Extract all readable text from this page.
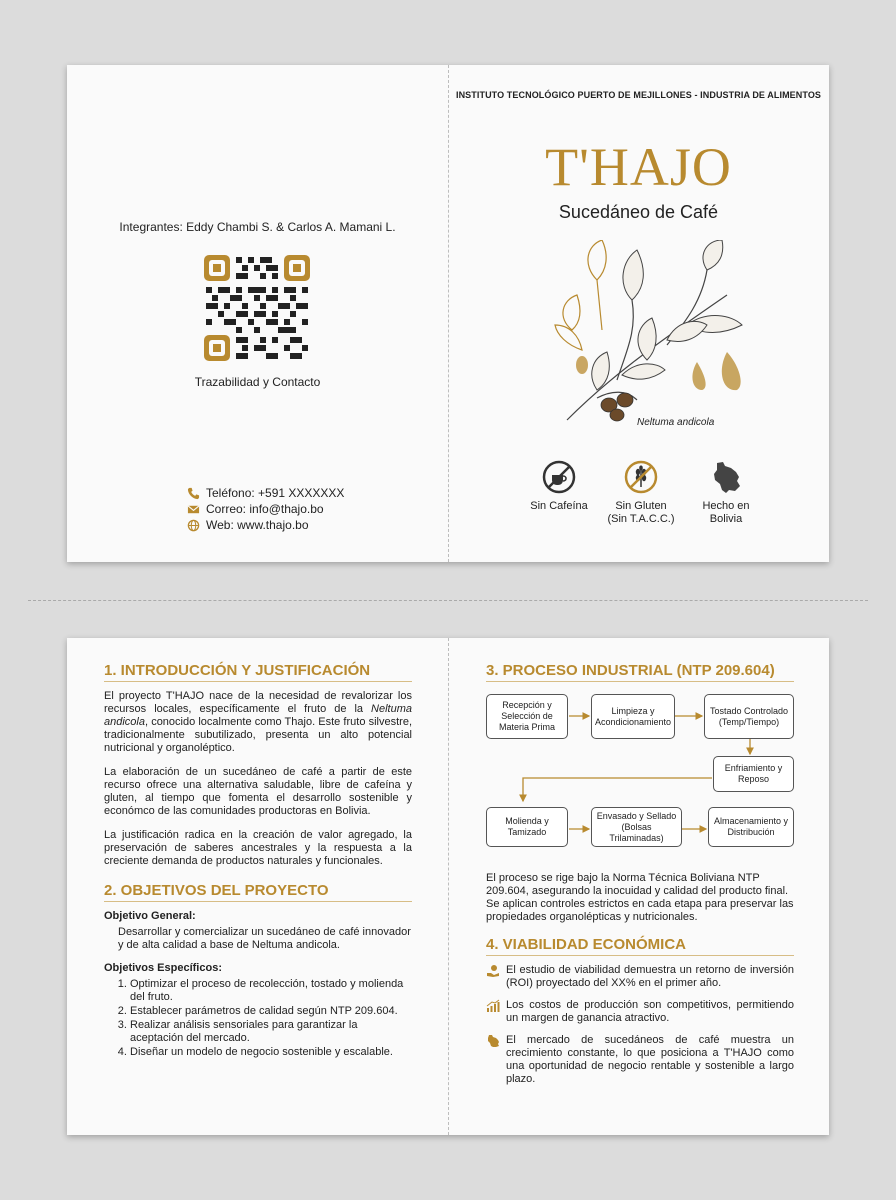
Integrantes: Eddy Chambi S. & Carlos A. Mamani L.
Trazabilidad y Contacto
Teléfono: +591 XXXXXXX
Correo: info@thajo.bo
Web: www.thajo.bo
INSTITUTO TECNOLÓGICO PUERTO DE MEJILLONES - INDUSTRIA DE ALIMENTOS
T'HAJO
Sucedáneo de Café
Neltuma andicola
Sin Cafeína	Sin Gluten
(Sin T.A.C.C.)
Hecho en
Bolivia
1. INTRODUCCIÓN Y JUSTIFICACIÓN

El proyecto T'HAJO nace de la necesidad de revalorizar los recursos locales, específicamente el fruto de la Neltuma andicola, conocido localmente como Thajo. Este fruto silvestre, tradicionalmente subutilizado, presenta un alto potencial nutricional y organoléptico.

La elaboración de un sucedáneo de café a partir de este recurso ofrece una alternativa saludable, libre de cafeína y gluten, al tiempo que fomenta el desarrollo sostenible y económco de las comunidades productoras en Bolivia.

La justificación radica en la creación de valor agregado, la preservación de saberes ancestrales y la respuesta a la creciente demanda de productos naturales y funcionales.

2. OBJETIVOS DEL PROYECTO
Objetivo General:
Desarrollar y comercializar un sucedáneo de café innovador y de alta calidad a base de Neltuma andicola.
Objetivos Específicos:
1. Optimizar el proceso de recolección, tostado y molienda del fruto.
2. Establecer parámetros de calidad según NTP 209.604.
3. Realizar análisis sensoriales para garantizar la aceptación del mercado.
4. Diseñar un modelo de negocio sostenible y escalable.
3. PROCESO INDUSTRIAL (NTP 209.604)
Recepción y Selección de Materia Prima
Limpieza y Acondicionamiento
Tostado Controlado (Temp/Tiempo)
Enfriamiento y Reposo
Molienda y Tamizado
Envasado y Sellado (Bolsas Trilaminadas)
Almacenamiento y Distribución

El proceso se rige bajo la Norma Técnica Boliviana NTP 209.604, asegurando la inocuidad y calidad del producto final. Se aplican controles estrictos en cada etapa para preservar las propiedades organolépticas y nutricionales.

4. VIABILIDAD ECONÓMICA
El estudio de viabilidad demuestra un retorno de inversión (ROI) proyectado del XX% en el primer año.
Los costos de producción son competitivos, permitiendo un margen de ganancia atractivo.
El mercado de sucedáneos de café muestra un crecimiento constante, lo que posiciona a T'HAJO como una oportunidad de negocio rentable y sostenible a largo plazo.
